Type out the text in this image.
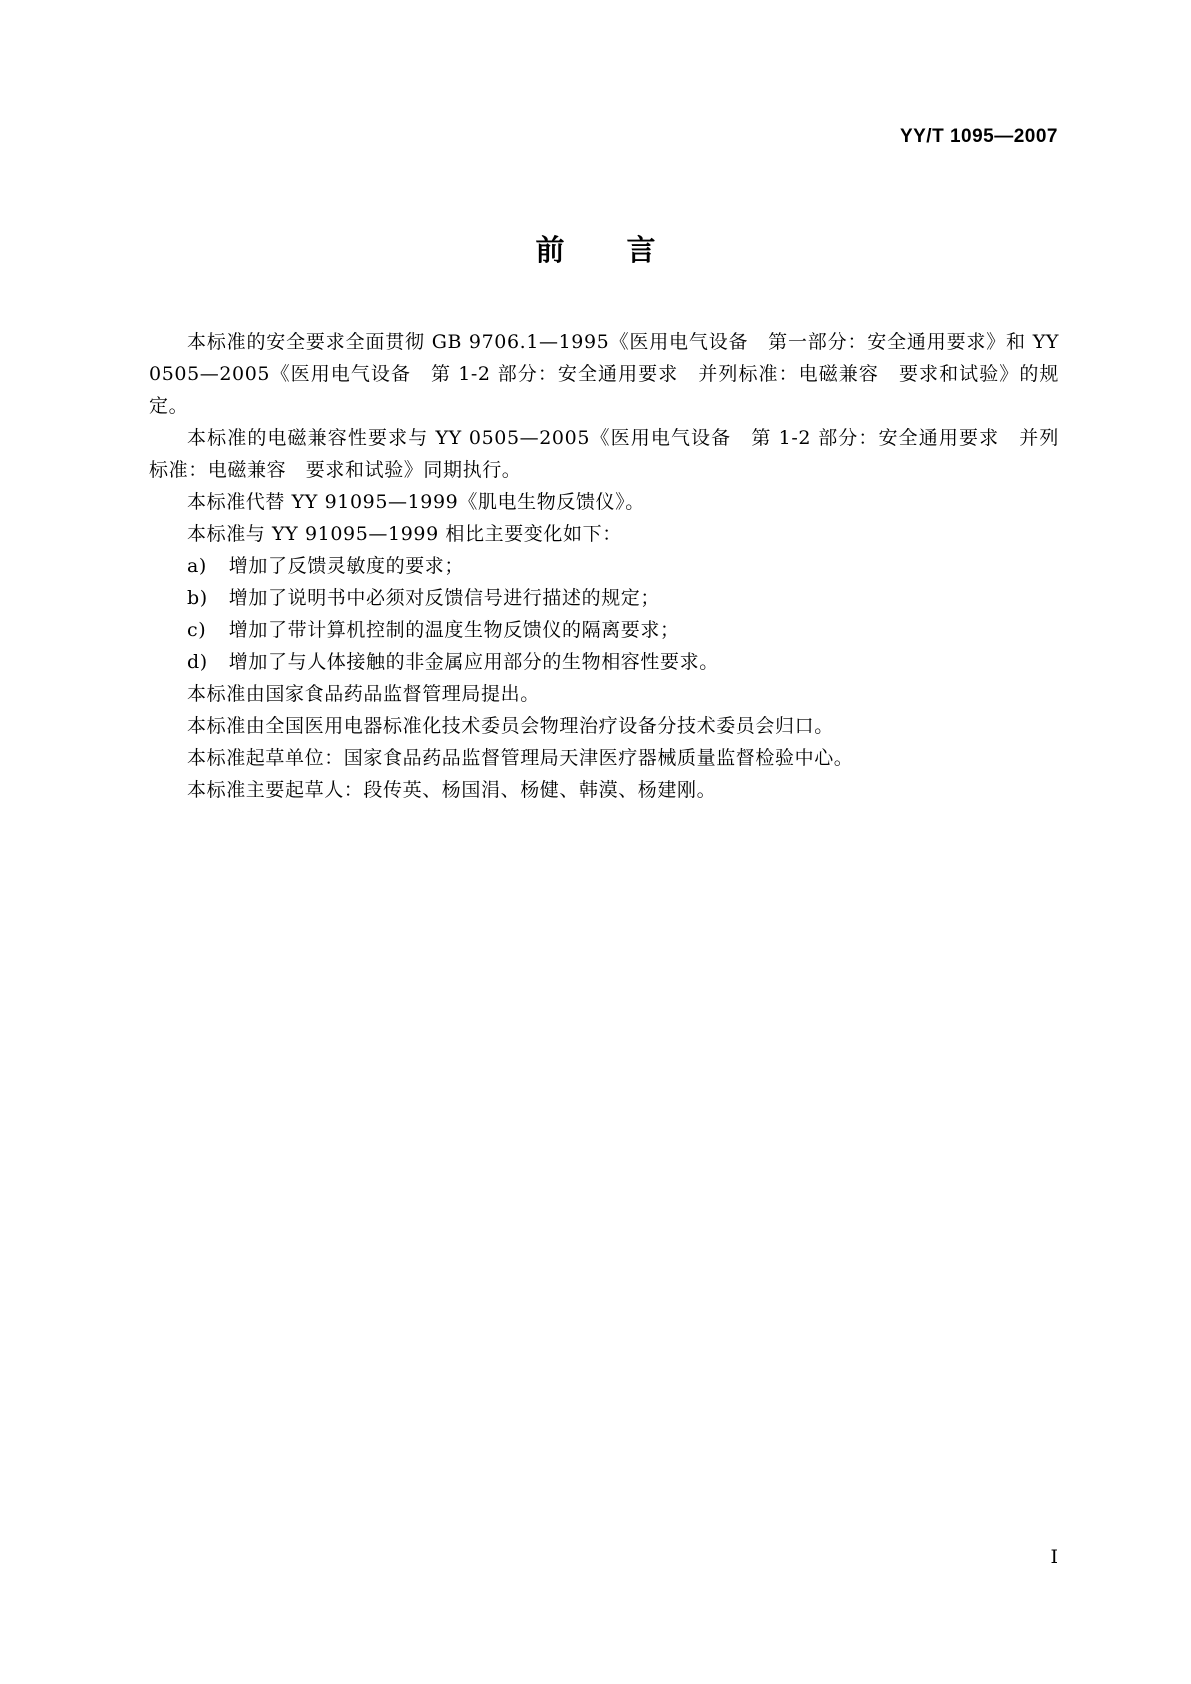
YY/T 1095—2007
前言

本标准的安全要求全面贯彻 GB 9706.1—1995《医用电气设备　第一部分：安全通用要求》和 YY 0505—2005《医用电气设备　第 1-2 部分：安全通用要求　并列标准：电磁兼容　要求和试验》的规定。

本标准的电磁兼容性要求与 YY 0505—2005《医用电气设备　第 1-2 部分：安全通用要求　并列标准：电磁兼容　要求和试验》同期执行。

本标准代替 YY 91095—1999《肌电生物反馈仪》。

本标准与 YY 91095—1999 相比主要变化如下：

a) 增加了反馈灵敏度的要求；
b) 增加了说明书中必须对反馈信号进行描述的规定；
c) 增加了带计算机控制的温度生物反馈仪的隔离要求；
d) 增加了与人体接触的非金属应用部分的生物相容性要求。

本标准由国家食品药品监督管理局提出。

本标准由全国医用电器标准化技术委员会物理治疗设备分技术委员会归口。

本标准起草单位：国家食品药品监督管理局天津医疗器械质量监督检验中心。

本标准主要起草人：段传英、杨国涓、杨健、韩漠、杨建刚。

I
